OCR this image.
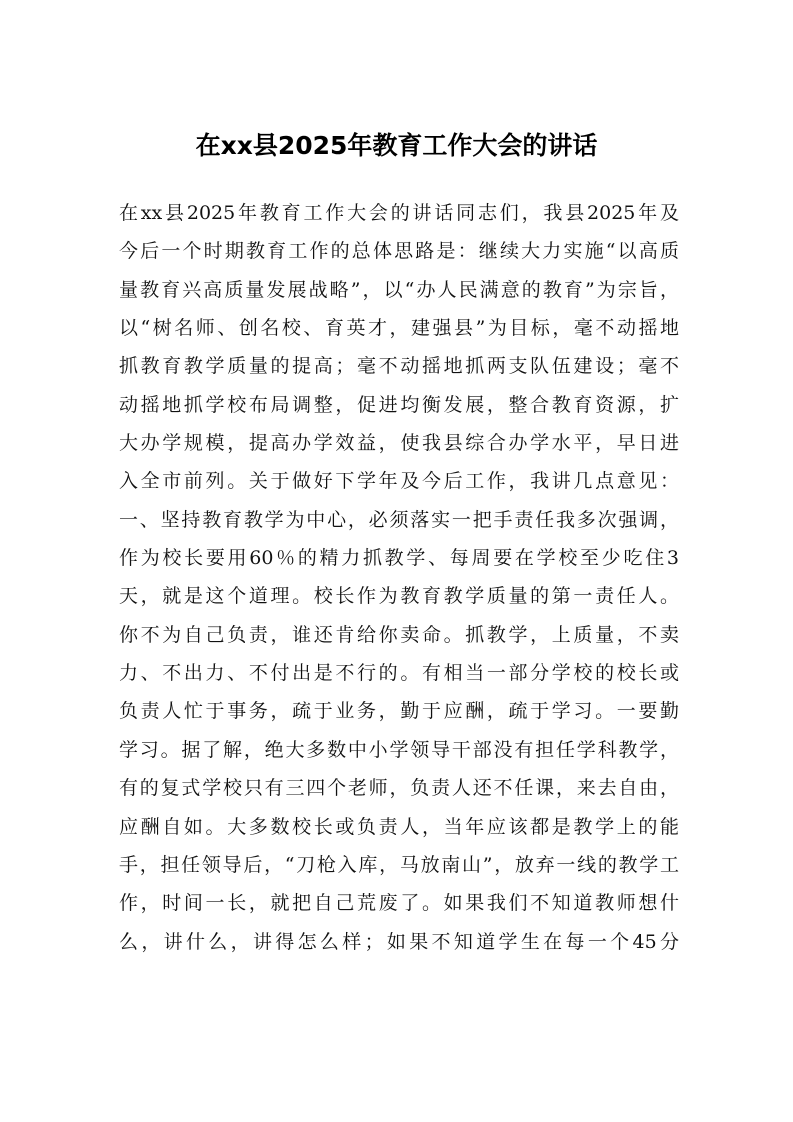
在xx县2025年教育工作大会的讲话
在xx县2025年教育工作大会的讲话同志们，我县2025年及
今后一个时期教育工作的总体思路是：继续大力实施“以高质
量教育兴高质量发展战略”，以“办人民满意的教育”为宗旨，
以“树名师、创名校、育英才，建强县”为目标，毫不动摇地
抓教育教学质量的提高；毫不动摇地抓两支队伍建设；毫不
动摇地抓学校布局调整，促进均衡发展，整合教育资源，扩
大办学规模，提高办学效益，使我县综合办学水平，早日进
入全市前列。关于做好下学年及今后工作，我讲几点意见：
一、坚持教育教学为中心，必须落实一把手责任我多次强调，
作为校长要用60％的精力抓教学、每周要在学校至少吃住3
天，就是这个道理。校长作为教育教学质量的第一责任人。
你不为自己负责，谁还肯给你卖命。抓教学，上质量，不卖
力、不出力、不付出是不行的。有相当一部分学校的校长或
负责人忙于事务，疏于业务，勤于应酬，疏于学习。一要勤
学习。据了解，绝大多数中小学领导干部没有担任学科教学，
有的复式学校只有三四个老师，负责人还不任课，来去自由，
应酬自如。大多数校长或负责人，当年应该都是教学上的能
手，担任领导后，“刀枪入库，马放南山”，放弃一线的教学工
作，时间一长，就把自己荒废了。如果我们不知道教师想什
么，讲什么，讲得怎么样；如果不知道学生在每一个45分
